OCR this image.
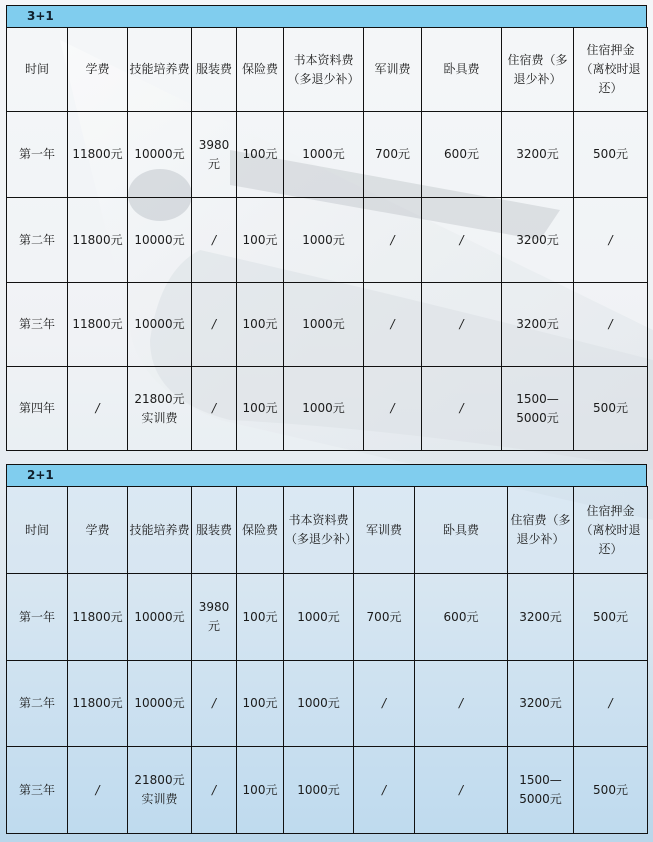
3+1
时间	学费	技能培养费	服装费	保险费	书本资料费（多退少补）	军训费	卧具费	住宿费（多退少补）	住宿押金（离校时退还）
第一年	11800元	10000元	3980元	100元	1000元	700元	600元	3200元	500元
第二年	11800元	10000元	/	100元	1000元	/	/	3200元	/
第三年	11800元	10000元	/	100元	1000元	/	/	3200元	/
第四年	/	21800元实训费	/	100元	1000元	/	/	1500—5000元	500元
2+1
时间	学费	技能培养费	服装费	保险费	书本资料费（多退少补）	军训费	卧具费	住宿费（多退少补）	住宿押金（离校时退还）
第一年	11800元	10000元	3980元	100元	1000元	700元	600元	3200元	500元
第二年	11800元	10000元	/	100元	1000元	/	/	3200元	/
第三年	/	21800元实训费	/	100元	1000元	/	/	1500—5000元	500元
